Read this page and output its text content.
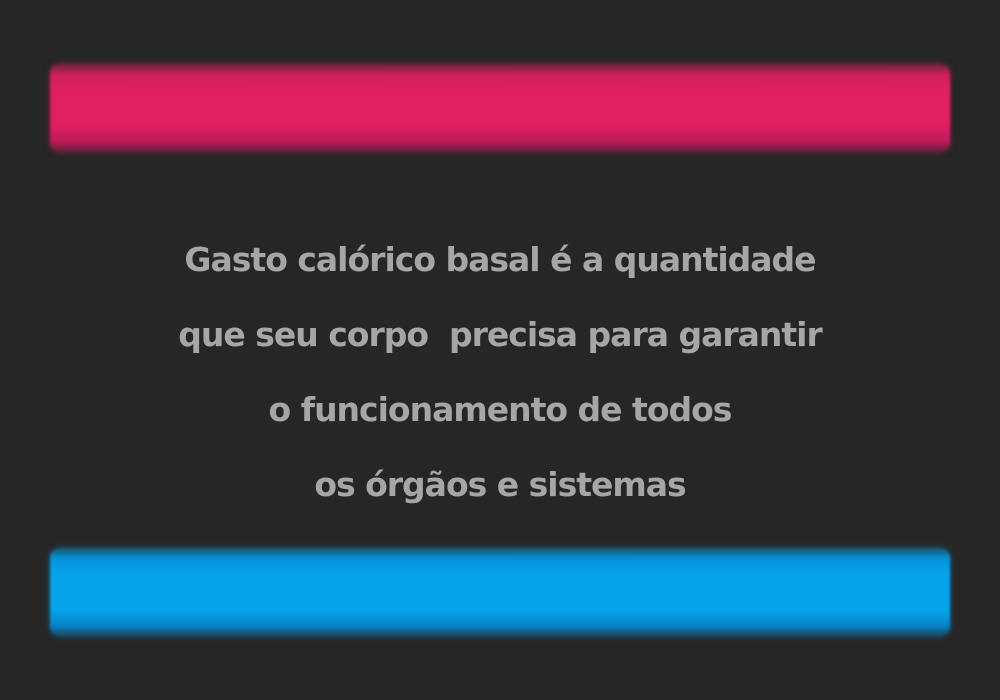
Gasto calórico basal é a quantidade
que seu corpo  precisa para garantir
o funcionamento de todos
os órgãos e sistemas
